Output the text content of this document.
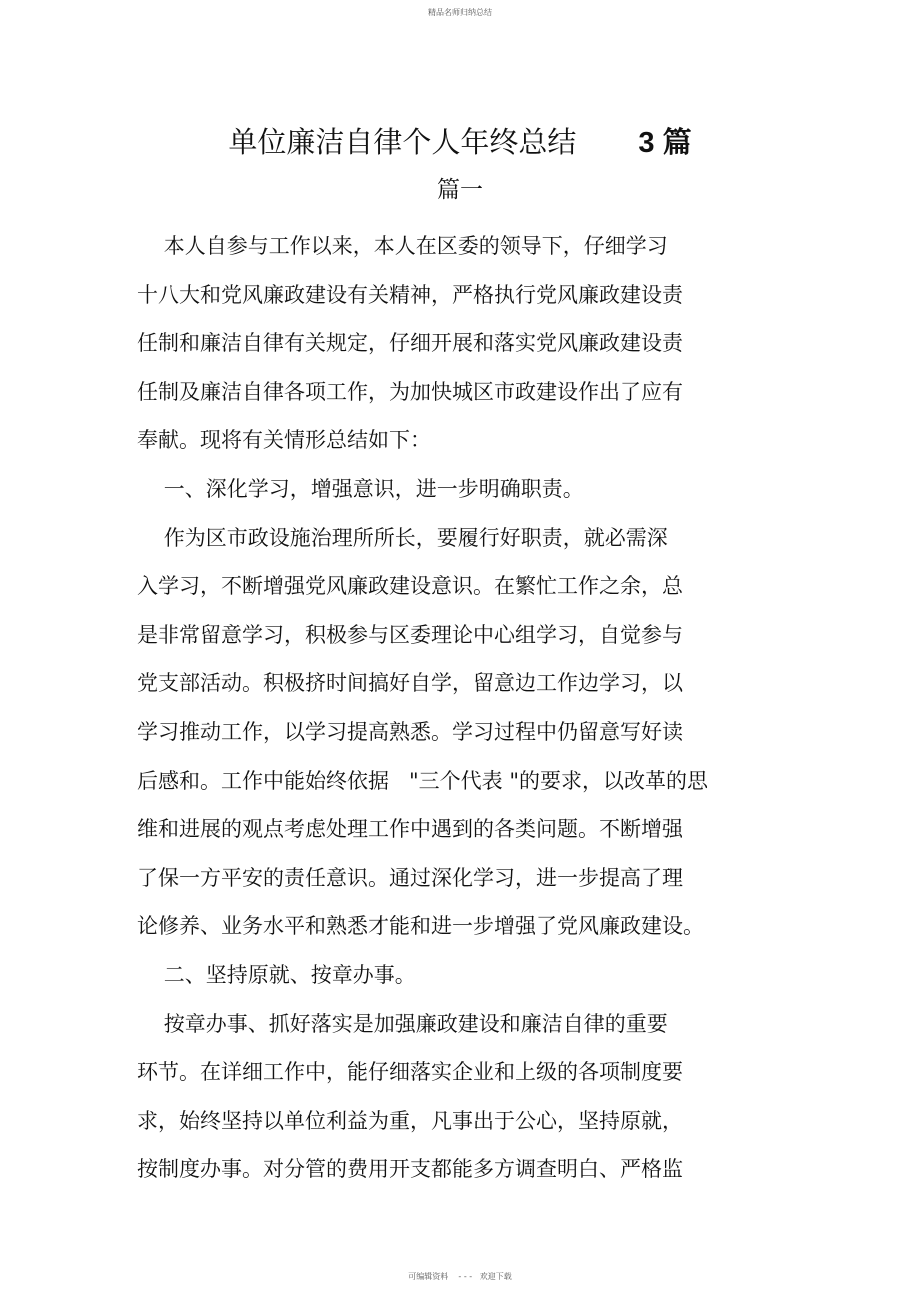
精品名师归纳总结
单位廉洁自律个人年终总结 3 篇
篇一
本人自参与工作以来，本人在区委的领导下，仔细学习
十八大和党风廉政建设有关精神，严格执行党风廉政建设责
任制和廉洁自律有关规定，仔细开展和落实党风廉政建设责
任制及廉洁自律各项工作，为加快城区市政建设作出了应有
奉献。现将有关情形总结如下：
一、深化学习，增强意识，进一步明确职责。
作为区市政设施治理所所长，要履行好职责，就必需深
入学习，不断增强党风廉政建设意识。在繁忙工作之余，总
是非常留意学习，积极参与区委理论中心组学习，自觉参与
党支部活动。积极挤时间搞好自学，留意边工作边学习，以
学习推动工作，以学习提高熟悉。学习过程中仍留意写好读
后感和。工作中能始终依据   "三个代表 "的要求，以改革的思
维和进展的观点考虑处理工作中遇到的各类问题。不断增强
了保一方平安的责任意识。通过深化学习，进一步提高了理
论修养、业务水平和熟悉才能和进一步增强了党风廉政建设。
二、坚持原就、按章办事。
按章办事、抓好落实是加强廉政建设和廉洁自律的重要
环节。在详细工作中，能仔细落实企业和上级的各项制度要
求，始终坚持以单位利益为重，凡事出于公心，坚持原就，
按制度办事。对分管的费用开支都能多方调查明白、严格监
可编辑资料    - - -   欢迎下载
